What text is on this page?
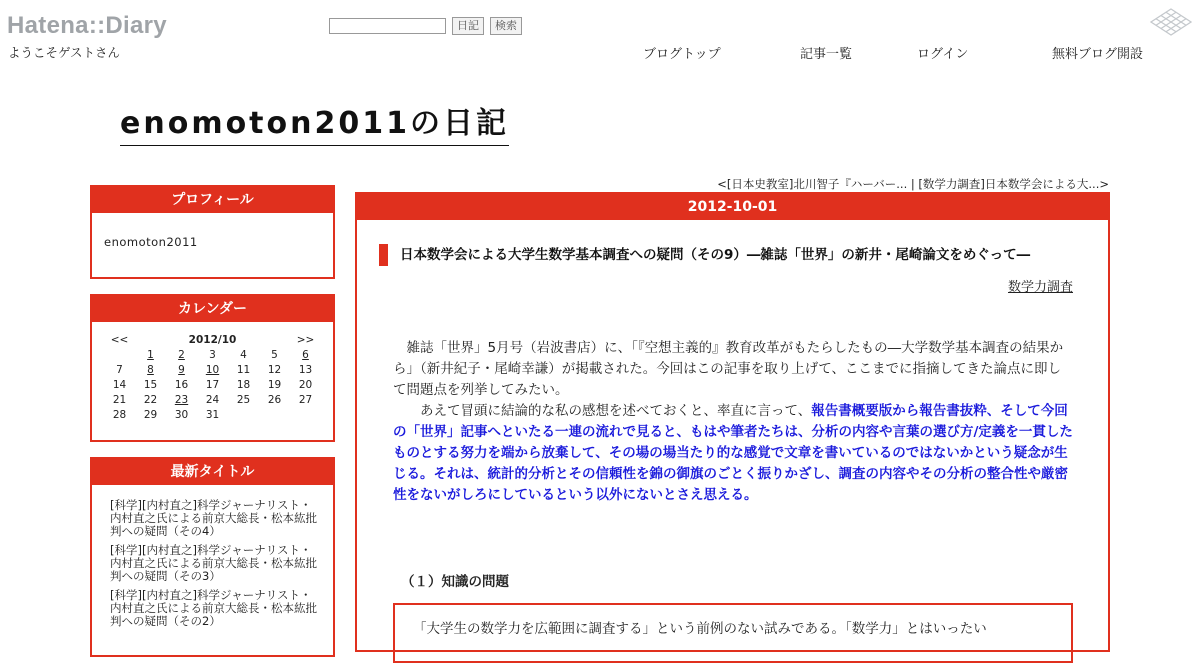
Hatena::Diary
ようこそゲストさん
日記	検索
ブログトップ	記事一覧	ログイン	無料ブログ開設
enomoton2011の日記
プロフィール
enomoton2011
カレンダー
<<	2012/10					>>
	1	2	3	4	5	6
7	8	9	10	11	12	13
14	15	16	17	18	19	20
21	22	23	24	25	26	27
28	29	30	31			
最新タイトル
[科学][内村直之]科学ジャーナリスト・内村直之氏による前京大総長・松本紘批判への疑問（その4）
[科学][内村直之]科学ジャーナリスト・内村直之氏による前京大総長・松本紘批判への疑問（その3）
[科学][内村直之]科学ジャーナリスト・内村直之氏による前京大総長・松本紘批判への疑問（その2）
<[日本史教室]北川智子『ハーバー... | [数学力調査]日本数学会による大...>
2012-10-01
日本数学会による大学生数学基本調査への疑問（その9）―雑誌「世界」の新井・尾崎論文をめぐって―
数学力調査

　雑誌「世界」5月号（岩波書店）に、「『空想主義的』教育改革がもたらしたもの―大学数学基本調査の結果から」（新井紀子・尾崎幸謙）が掲載された。今回はこの記事を取り上げて、ここまでに指摘してきた論点に即して問題点を列挙してみたい。

　　あえて冒頭に結論的な私の感想を述べておくと、率直に言って、報告書概要版から報告書抜粋、そして今回の「世界」記事へといたる一連の流れで見ると、もはや筆者たちは、分析の内容や言葉の選び方/定義を一貫したものとする努力を端から放棄して、その場の場当たり的な感覚で文章を書いているのではないかという疑念が生じる。それは、統計的分析とその信頼性を錦の御旗のごとく振りかざし、調査の内容やその分析の整合性や厳密性をないがしろにしているという以外にないとさえ思える。

（１）知識の問題

「大学生の数学力を広範囲に調査する」という前例のない試みである。「数学力」とはいったい
